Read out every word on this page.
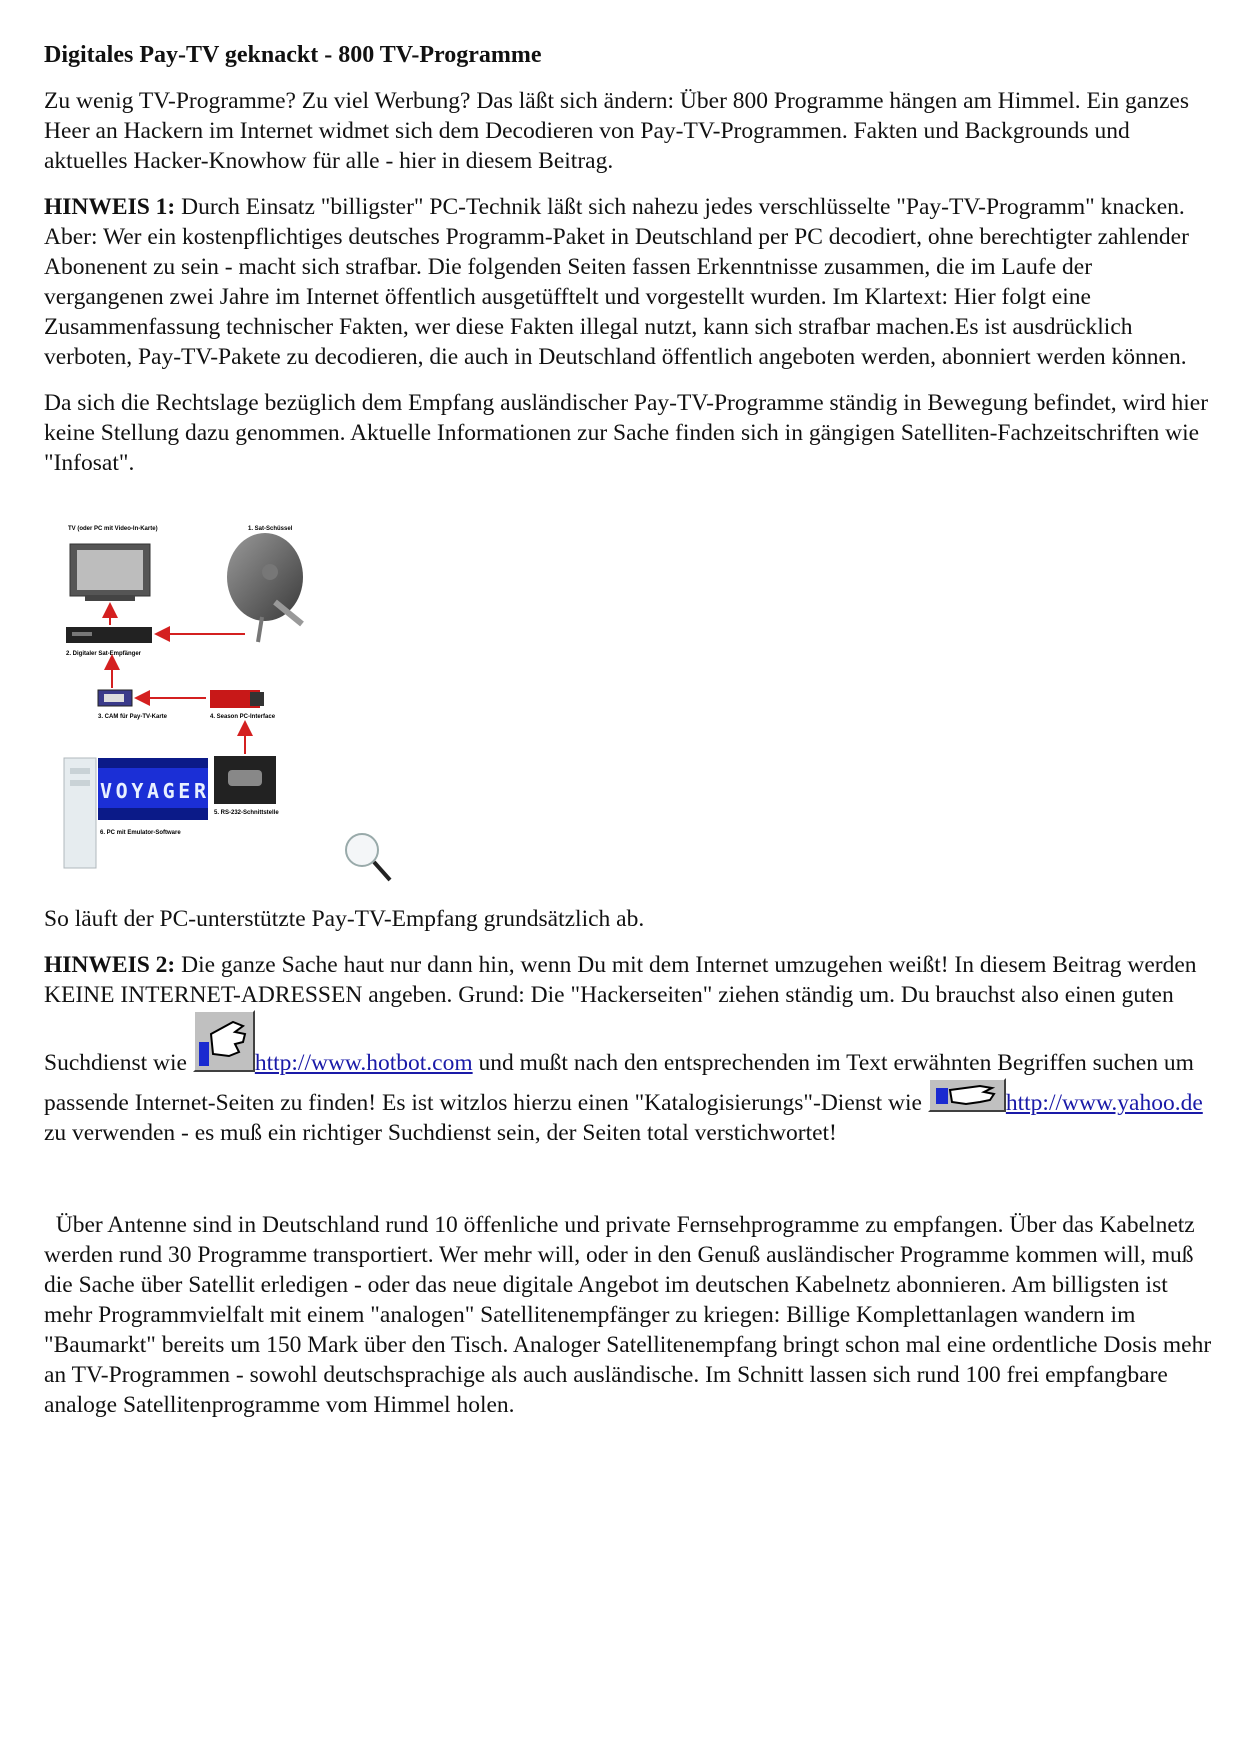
Digitales Pay-TV geknackt - 800 TV-Programme

Zu wenig TV-Programme? Zu viel Werbung? Das läßt sich ändern: Über 800 Programme hängen am Himmel. Ein ganzes Heer an Hackern im Internet widmet sich dem Decodieren von Pay-TV-Programmen. Fakten und Backgrounds und aktuelles Hacker-Knowhow für alle - hier in diesem Beitrag.

HINWEIS 1: Durch Einsatz "billigster" PC-Technik läßt sich nahezu jedes verschlüsselte "Pay-TV-Programm" knacken. Aber: Wer ein kostenpflichtiges deutsches Programm-Paket in Deutschland per PC decodiert, ohne berechtigter zahlender Abonenent zu sein - macht sich strafbar. Die folgenden Seiten fassen Erkenntnisse zusammen, die im Laufe der vergangenen zwei Jahre im Internet öffentlich ausgetüfftelt und vorgestellt wurden. Im Klartext: Hier folgt eine Zusammenfassung technischer Fakten, wer diese Fakten illegal nutzt, kann sich strafbar machen.Es ist ausdrücklich verboten, Pay-TV-Pakete zu decodieren, die auch in Deutschland öffentlich angeboten werden, abonniert werden können.

Da sich die Rechtslage bezüglich dem Empfang ausländischer Pay-TV-Programme ständig in Bewegung befindet, wird hier keine Stellung dazu genommen. Aktuelle Informationen zur Sache finden sich in gängigen Satelliten-Fachzeitschriften wie "Infosat".

TV (oder PC mit Video-In-Karte)	1. Sat-Schüssel
2. Digitaler Sat-Empfänger
3. CAM für Pay-TV-Karte	4. Season PC-Interface
VOYAGER
6. PC mit Emulator-Software
5. RS-232-Schnittstelle

So läuft der PC-unterstützte Pay-TV-Empfang grundsätzlich ab.

HINWEIS 2: Die ganze Sache haut nur dann hin, wenn Du mit dem Internet umzugehen weißt! In diesem Beitrag werden KEINE INTERNET-ADRESSEN angeben. Grund: Die "Hackerseiten" ziehen ständig um. Du brauchst also einen guten Suchdienst wie	http://www.hotbot.com und mußt nach den entsprechenden im Text erwähnten Begriffen suchen um passende Internet-Seiten zu finden! Es ist witzlos hierzu einen "Katalogisierungs"-Dienst wie	http://www.yahoo.de zu verwenden - es muß ein richtiger Suchdienst sein, der Seiten total verstichwortet!

Über Antenne sind in Deutschland rund 10 öffenliche und private Fernsehprogramme zu empfangen. Über das Kabelnetz werden rund 30 Programme transportiert. Wer mehr will, oder in den Genuß ausländischer Programme kommen will, muß die Sache über Satellit erledigen - oder das neue digitale Angebot im deutschen Kabelnetz abonnieren. Am billigsten ist mehr Programmvielfalt mit einem "analogen" Satellitenempfänger zu kriegen: Billige Komplettanlagen wandern im "Baumarkt" bereits um 150 Mark über den Tisch. Analoger Satellitenempfang bringt schon mal eine ordentliche Dosis mehr an TV-Programmen - sowohl deutschsprachige als auch ausländische. Im Schnitt lassen sich rund 100 frei empfangbare analoge Satellitenprogramme vom Himmel holen.
